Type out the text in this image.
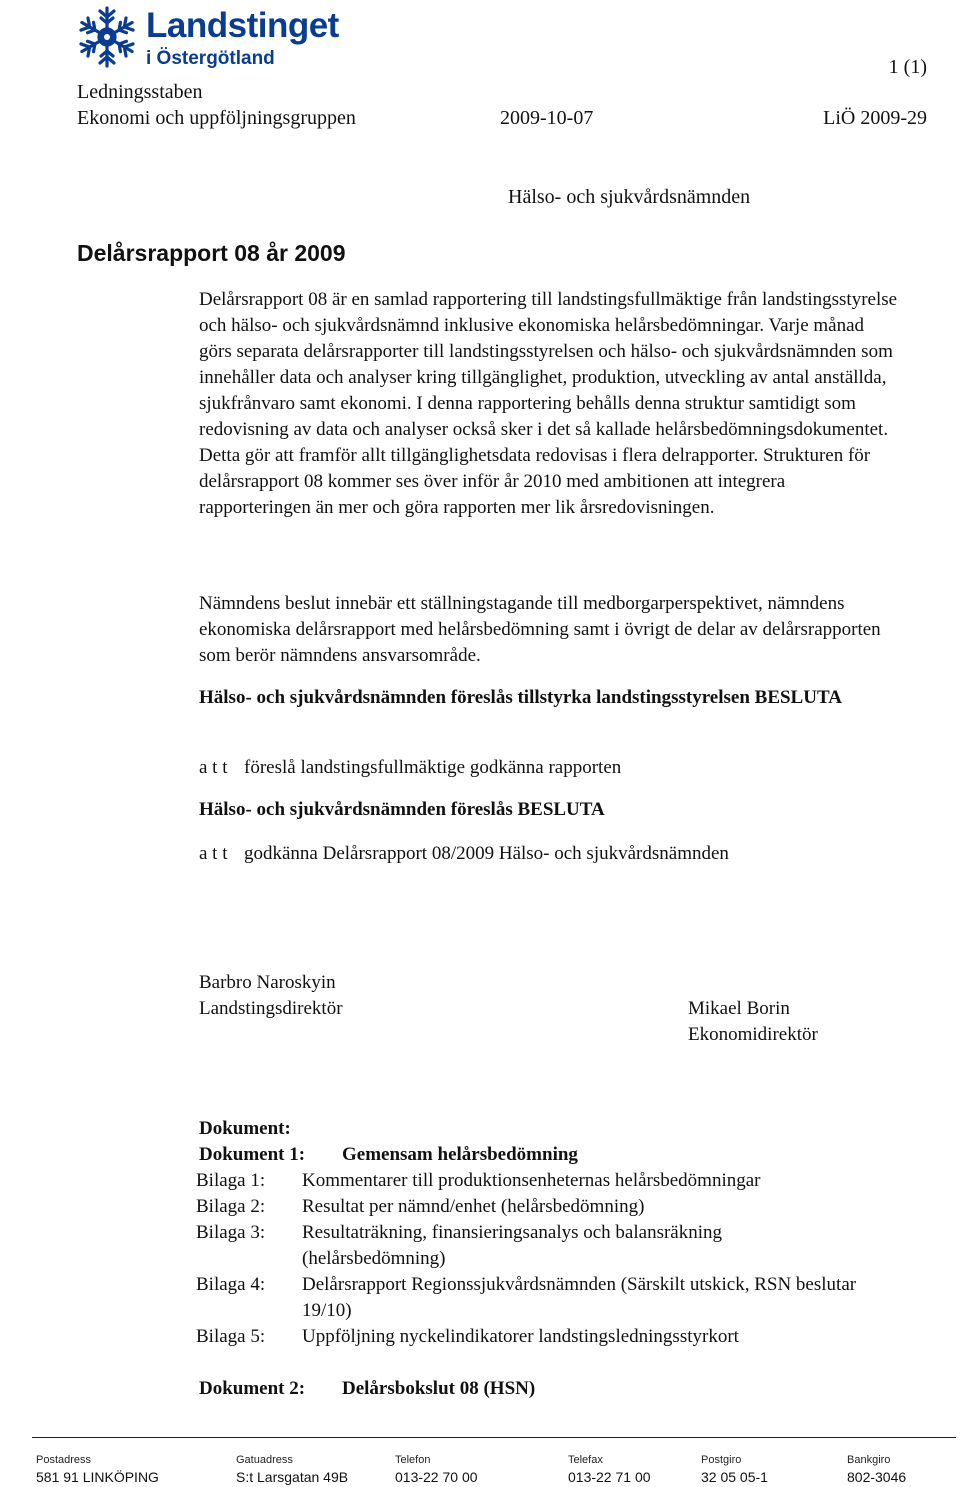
Landstinget
i Östergötland	1 (1)
Ledningsstaben
Ekonomi och uppföljningsgruppen	2009-10-07	LiÖ 2009-29
Hälso- och sjukvårdsnämnden
Delårsrapport 08 år 2009
Delårsrapport 08 är en samlad rapportering till landstingsfullmäktige från landstingsstyrelse och hälso- och sjukvårdsnämnd inklusive ekonomiska helårsbedömningar. Varje månad görs separata delårsrapporter till landstingsstyrelsen och hälso- och sjukvårdsnämnden som innehåller data och analyser kring tillgänglighet, produktion, utveckling av antal anställda, sjukfrånvaro samt ekonomi. I denna rapportering behålls denna struktur samtidigt som redovisning av data och analyser också sker i det så kallade helårsbedömningsdokumentet. Detta gör att framför allt tillgänglighetsdata redovisas i flera delrapporter. Strukturen för delårsrapport 08 kommer ses över inför år 2010 med ambitionen att integrera rapporteringen än mer och göra rapporten mer lik årsredovisningen.
Nämndens beslut innebär ett ställningstagande till medborgarperspektivet, nämndens ekonomiska delårsrapport med helårsbedömning samt i övrigt de delar av delårsrapporten som berör nämndens ansvarsområde.
Hälso- och sjukvårdsnämnden föreslås tillstyrka landstingsstyrelsen BESLUTA
a t t föreslå landstingsfullmäktige godkänna rapporten
Hälso- och sjukvårdsnämnden föreslås BESLUTA
a t t godkänna Delårsrapport 08/2009 Hälso- och sjukvårdsnämnden
Barbro Naroskyin
Landstingsdirektör	Mikael Borin
Ekonomidirektör
Dokument:
Dokument 1: Gemensam helårsbedömning
Bilaga 1: Kommentarer till produktionsenheternas helårsbedömningar
Bilaga 2: Resultat per nämnd/enhet (helårsbedömning)
Bilaga 3: Resultaträkning, finansieringsanalys och balansräkning (helårsbedömning)
Bilaga 4: Delårsrapport Regionssjukvårdsnämnden (Särskilt utskick, RSN beslutar 19/10)
Bilaga 5: Uppföljning nyckelindikatorer landstingsledningsstyrkort
Dokument 2: Delårsbokslut 08 (HSN)
Postadress
581 91 LINKÖPING
Gatuadress
S:t Larsgatan 49B
Telefon
013-22 70 00
Telefax
013-22 71 00
Postgiro
32 05 05-1
Bankgiro
802-3046
